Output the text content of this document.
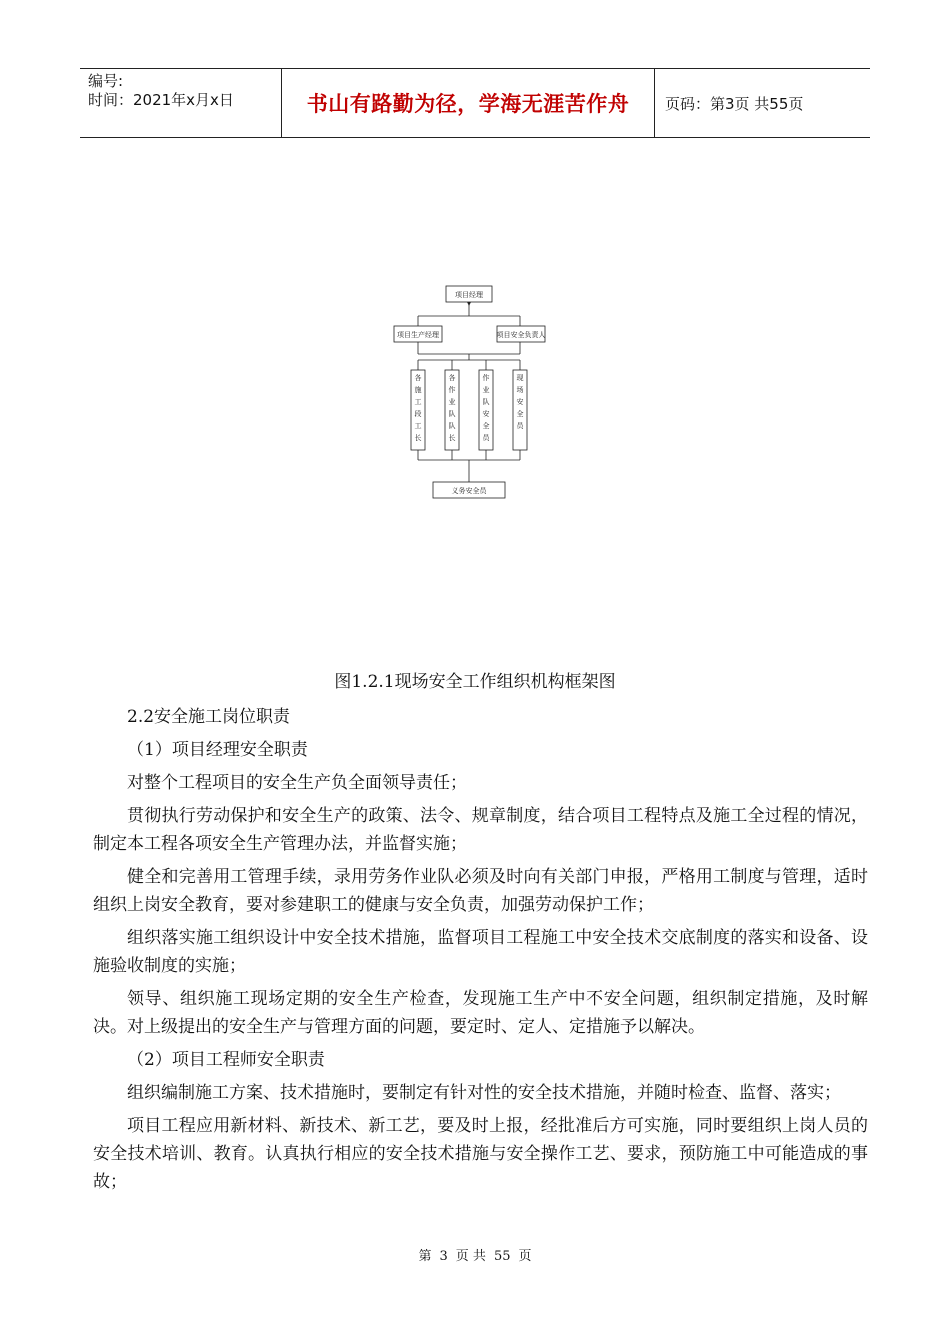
编号:
时间：2021年x月x日	书山有路勤为径，学海无涯苦作舟	页码：第3页 共55页
项目经理
项目生产经理	项目安全负责人
义务安全员
各施工段工长
各作业队队长
作业队安全员
现场安全员
图1.2.1现场安全工作组织机构框架图

2.2安全施工岗位职责

（1）项目经理安全职责

对整个工程项目的安全生产负全面领导责任；

贯彻执行劳动保护和安全生产的政策、法令、规章制度，结合项目工程特点及施工全过程的情况，制定本工程各项安全生产管理办法，并监督实施；

健全和完善用工管理手续，录用劳务作业队必须及时向有关部门申报，严格用工制度与管理，适时组织上岗安全教育，要对参建职工的健康与安全负责，加强劳动保护工作；

组织落实施工组织设计中安全技术措施，监督项目工程施工中安全技术交底制度的落实和设备、设施验收制度的实施；

领导、组织施工现场定期的安全生产检查，发现施工生产中不安全问题，组织制定措施，及时解决。对上级提出的安全生产与管理方面的问题，要定时、定人、定措施予以解决。

（2）项目工程师安全职责

组织编制施工方案、技术措施时，要制定有针对性的安全技术措施，并随时检查、监督、落实；

项目工程应用新材料、新技术、新工艺，要及时上报，经批准后方可实施，同时要组织上岗人员的安全技术培训、教育。认真执行相应的安全技术措施与安全操作工艺、要求，预防施工中可能造成的事故；

第 3 页 共 55 页
